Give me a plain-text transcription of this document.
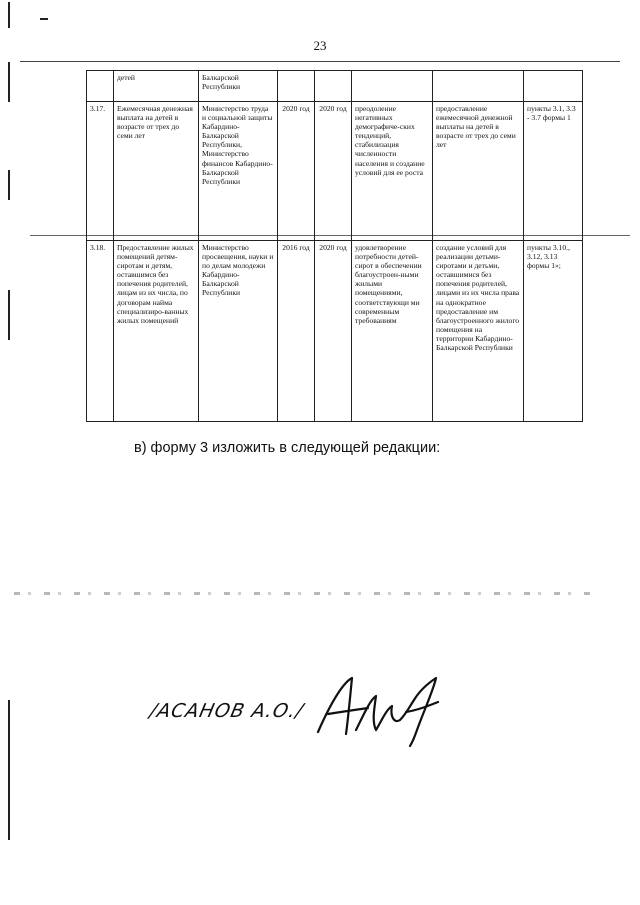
23
	детей	Балкарской Республики					
3.17.	Ежемесячная денежная выплата на детей в возрасте от трех до семи лет	Министерство труда и социальной защиты Кабардино-Балкарской Республики, Министерство финансов Кабардино-Балкарской Республики	2020 год	2020 год	преодоление негативных демографиче-ских тенденций, стабилизация численности населения и создание условий для ее роста	предоставление ежемесячной денежной выплаты на детей в возрасте от трех до семи лет	пункты 3.1, 3.3 - 3.7 формы 1
3.18.	Предоставление жилых помещений детям-сиротам и детям, оставшимся без попечения родителей, лицам из их числа, по договорам найма специализиро-ванных жилых помещений	Министерство просвещения, науки и по делам молодежи Кабардино-Балкарской Республики	2016 год	2020 год	удовлетворение потребности детей-сирот в обеспечении благоустроен-ными жилыми помещениями, соответствующи ми современным требованиям	создание условий для реализации детьми-сиротами и детьми, оставшимися без попечения родителей, лицами из их числа права на однократное предоставление им благоустроенного жилого помещения на территории Кабардино-Балкарской Республики	пункты 3.10., 3.12, 3.13 формы 1»;
в) форму 3 изложить в следующей редакции:
/АСАНОВ А.О./
